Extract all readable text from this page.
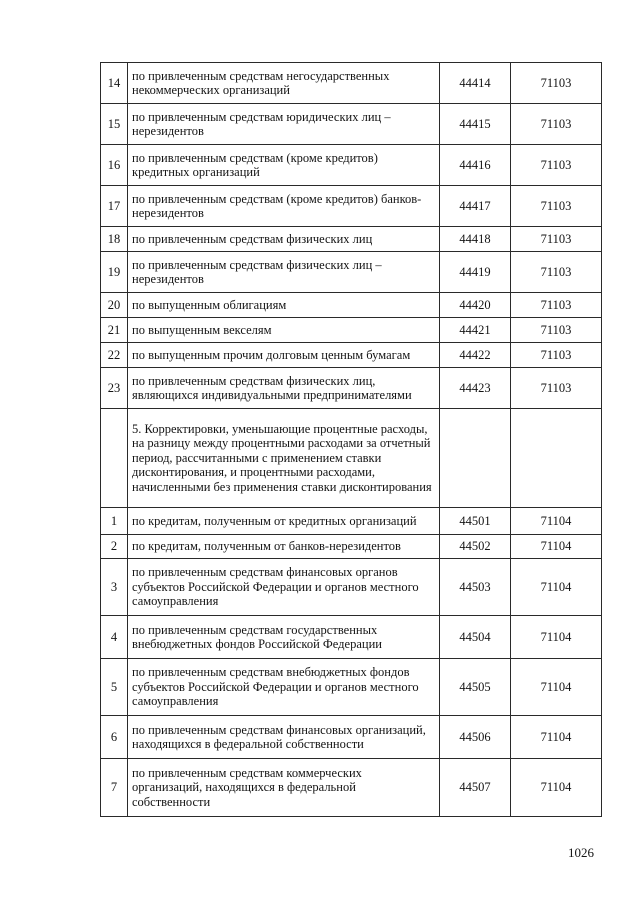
14	по привлеченным средствам негосударственных некоммерческих организаций	44414	71103
15	по привлеченным средствам юридических лиц – нерезидентов	44415	71103
16	по привлеченным средствам (кроме кредитов) кредитных организаций	44416	71103
17	по привлеченным средствам (кроме кредитов) банков-нерезидентов	44417	71103
18	по привлеченным средствам физических лиц	44418	71103
19	по привлеченным средствам физических лиц – нерезидентов	44419	71103
20	по выпущенным облигациям	44420	71103
21	по выпущенным векселям	44421	71103
22	по выпущенным прочим долговым ценным бумагам	44422	71103
23	по привлеченным средствам физических лиц, являющихся индивидуальными предпринимателями	44423	71103
	5. Корректировки, уменьшающие процентные расходы, на разницу между процентными расходами за отчетный период, рассчитанными с применением ставки дисконтирования, и процентными расходами, начисленными без применения ставки дисконтирования		
1	по кредитам, полученным от кредитных организаций	44501	71104
2	по кредитам, полученным от банков-нерезидентов	44502	71104
3	по привлеченным средствам финансовых органов субъектов Российской Федерации и органов местного самоуправления	44503	71104
4	по привлеченным средствам государственных внебюджетных фондов Российской Федерации	44504	71104
5	по привлеченным средствам внебюджетных фондов субъектов Российской Федерации и органов местного самоуправления	44505	71104
6	по привлеченным средствам финансовых организаций, находящихся в федеральной собственности	44506	71104
7	по привлеченным средствам коммерческих организаций, находящихся в федеральной собственности	44507	71104
1026
